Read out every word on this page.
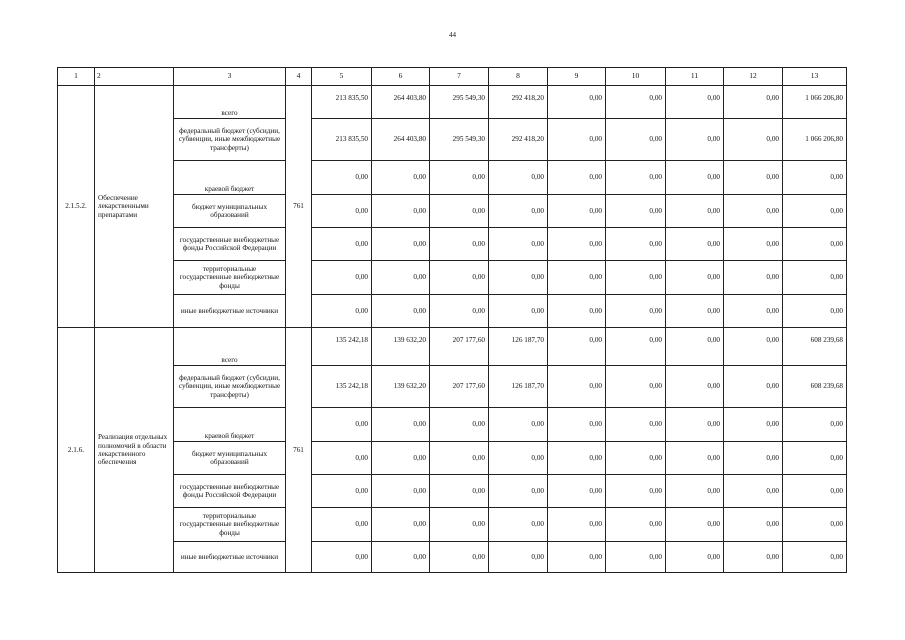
44
1	2	3	4	5	6	7	8	9	10	11	12	13
2.1.5.2.	Обеспечение лекарственными препаратами	всего	761	213 835,50	264 403,80	295 549,30	292 418,20	0,00	0,00	0,00	0,00	1 066 206,80
		федеральный бюджет (субсидии, субвенции, иные межбюджетные трансферты)		213 835,50	264 403,80	295 549,30	292 418,20	0,00	0,00	0,00	0,00	1 066 206,80
		краевой бюджет		0,00	0,00	0,00	0,00	0,00	0,00	0,00	0,00	0,00
		бюджет муниципальных образований		0,00	0,00	0,00	0,00	0,00	0,00	0,00	0,00	0,00
		государственные внебюджетные фонды Российской Федерации		0,00	0,00	0,00	0,00	0,00	0,00	0,00	0,00	0,00
		территориальные государственные внебюджетные фонды		0,00	0,00	0,00	0,00	0,00	0,00	0,00	0,00	0,00
		иные внебюджетные источники		0,00	0,00	0,00	0,00	0,00	0,00	0,00	0,00	0,00
2.1.6.	Реализация отдельных полномочий в области лекарственного обеспечения	всего	761	135 242,18	139 632,20	207 177,60	126 187,70	0,00	0,00	0,00	0,00	608 239,68
		федеральный бюджет (субсидии, субвенции, иные межбюджетные трансферты)		135 242,18	139 632,20	207 177,60	126 187,70	0,00	0,00	0,00	0,00	608 239,68
		краевой бюджет		0,00	0,00	0,00	0,00	0,00	0,00	0,00	0,00	0,00
		бюджет муниципальных образований		0,00	0,00	0,00	0,00	0,00	0,00	0,00	0,00	0,00
		государственные внебюджетные фонды Российской Федерации		0,00	0,00	0,00	0,00	0,00	0,00	0,00	0,00	0,00
		территориальные государственные внебюджетные фонды		0,00	0,00	0,00	0,00	0,00	0,00	0,00	0,00	0,00
		иные внебюджетные источники		0,00	0,00	0,00	0,00	0,00	0,00	0,00	0,00	0,00
